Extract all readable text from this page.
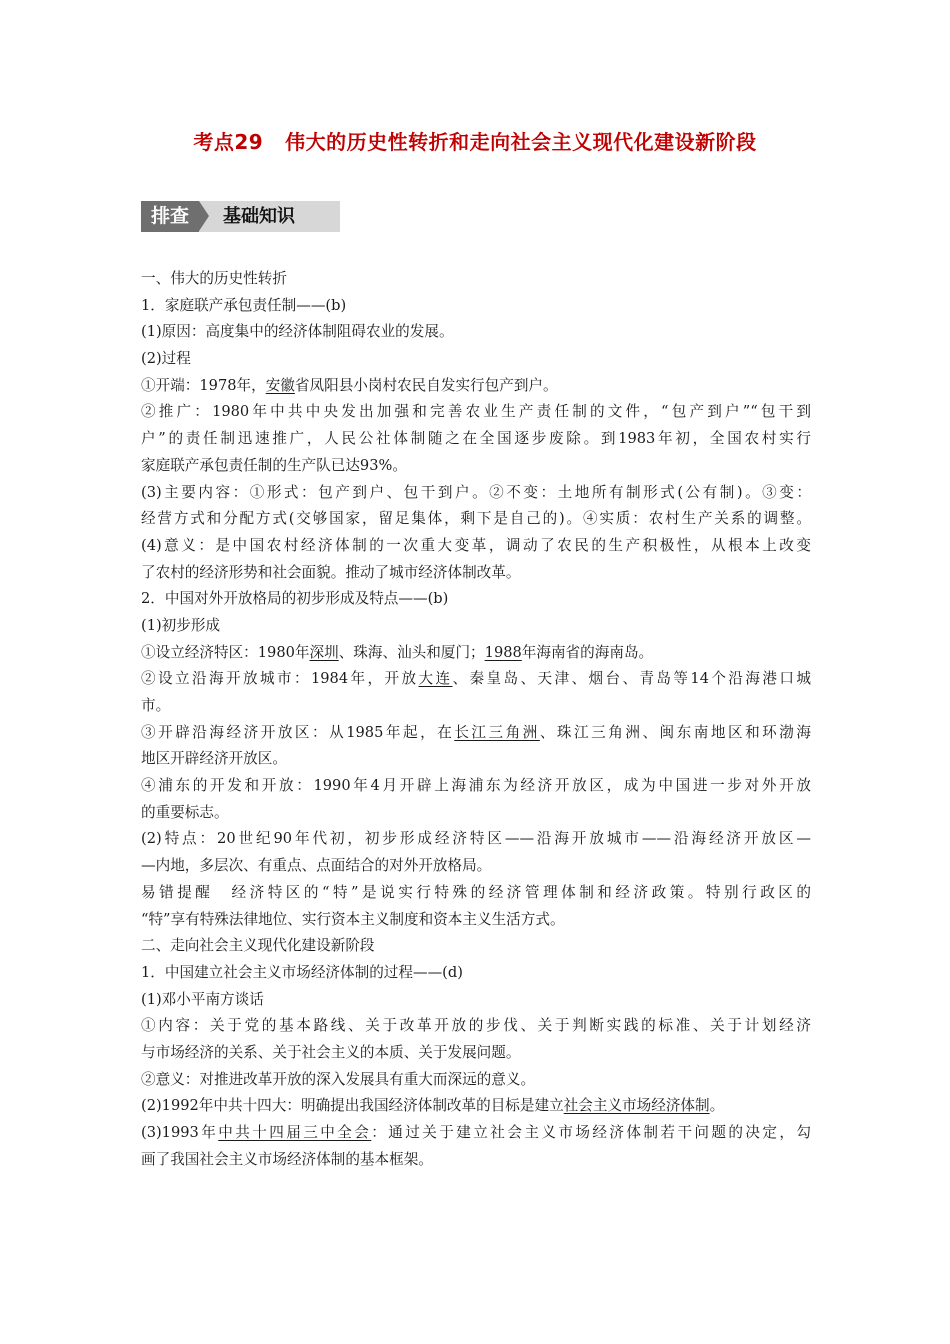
考点29 伟大的历史性转折和走向社会主义现代化建设新阶段
排查	基础知识
一、伟大的历史性转折
1．家庭联产承包责任制——(b)
(1)原因：高度集中的经济体制阻碍农业的发展。
(2)过程
①开端：1978年，安徽省凤阳县小岗村农民自发实行包产到户。
②推广：1980年中共中央发出加强和完善农业生产责任制的文件，“包产到户”“包干到
户”的责任制迅速推广，人民公社体制随之在全国逐步废除。到1983年初，全国农村实行
家庭联产承包责任制的生产队已达93%。
(3)主要内容：①形式：包产到户、包干到户。②不变：土地所有制形式(公有制)。③变：
经营方式和分配方式(交够国家，留足集体，剩下是自己的)。④实质：农村生产关系的调整。
(4)意义：是中国农村经济体制的一次重大变革，调动了农民的生产积极性，从根本上改变
了农村的经济形势和社会面貌。推动了城市经济体制改革。
2．中国对外开放格局的初步形成及特点——(b)
(1)初步形成
①设立经济特区：1980年深圳、珠海、汕头和厦门；1988年海南省的海南岛。
②设立沿海开放城市：1984年，开放大连、秦皇岛、天津、烟台、青岛等14个沿海港口城
市。
③开辟沿海经济开放区：从1985年起，在长江三角洲、珠江三角洲、闽东南地区和环渤海
地区开辟经济开放区。
④浦东的开发和开放：1990年4月开辟上海浦东为经济开放区，成为中国进一步对外开放
的重要标志。
(2)特点：20世纪90年代初，初步形成经济特区——沿海开放城市——沿海经济开放区—
—内地，多层次、有重点、点面结合的对外开放格局。
易错提醒　经济特区的“特”是说实行特殊的经济管理体制和经济政策。特别行政区的
“特”享有特殊法律地位、实行资本主义制度和资本主义生活方式。
二、走向社会主义现代化建设新阶段
1．中国建立社会主义市场经济体制的过程——(d)
(1)邓小平南方谈话
①内容：关于党的基本路线、关于改革开放的步伐、关于判断实践的标准、关于计划经济
与市场经济的关系、关于社会主义的本质、关于发展问题。
②意义：对推进改革开放的深入发展具有重大而深远的意义。
(2)1992年中共十四大：明确提出我国经济体制改革的目标是建立社会主义市场经济体制。
(3)1993年中共十四届三中全会：通过关于建立社会主义市场经济体制若干问题的决定，勾
画了我国社会主义市场经济体制的基本框架。
